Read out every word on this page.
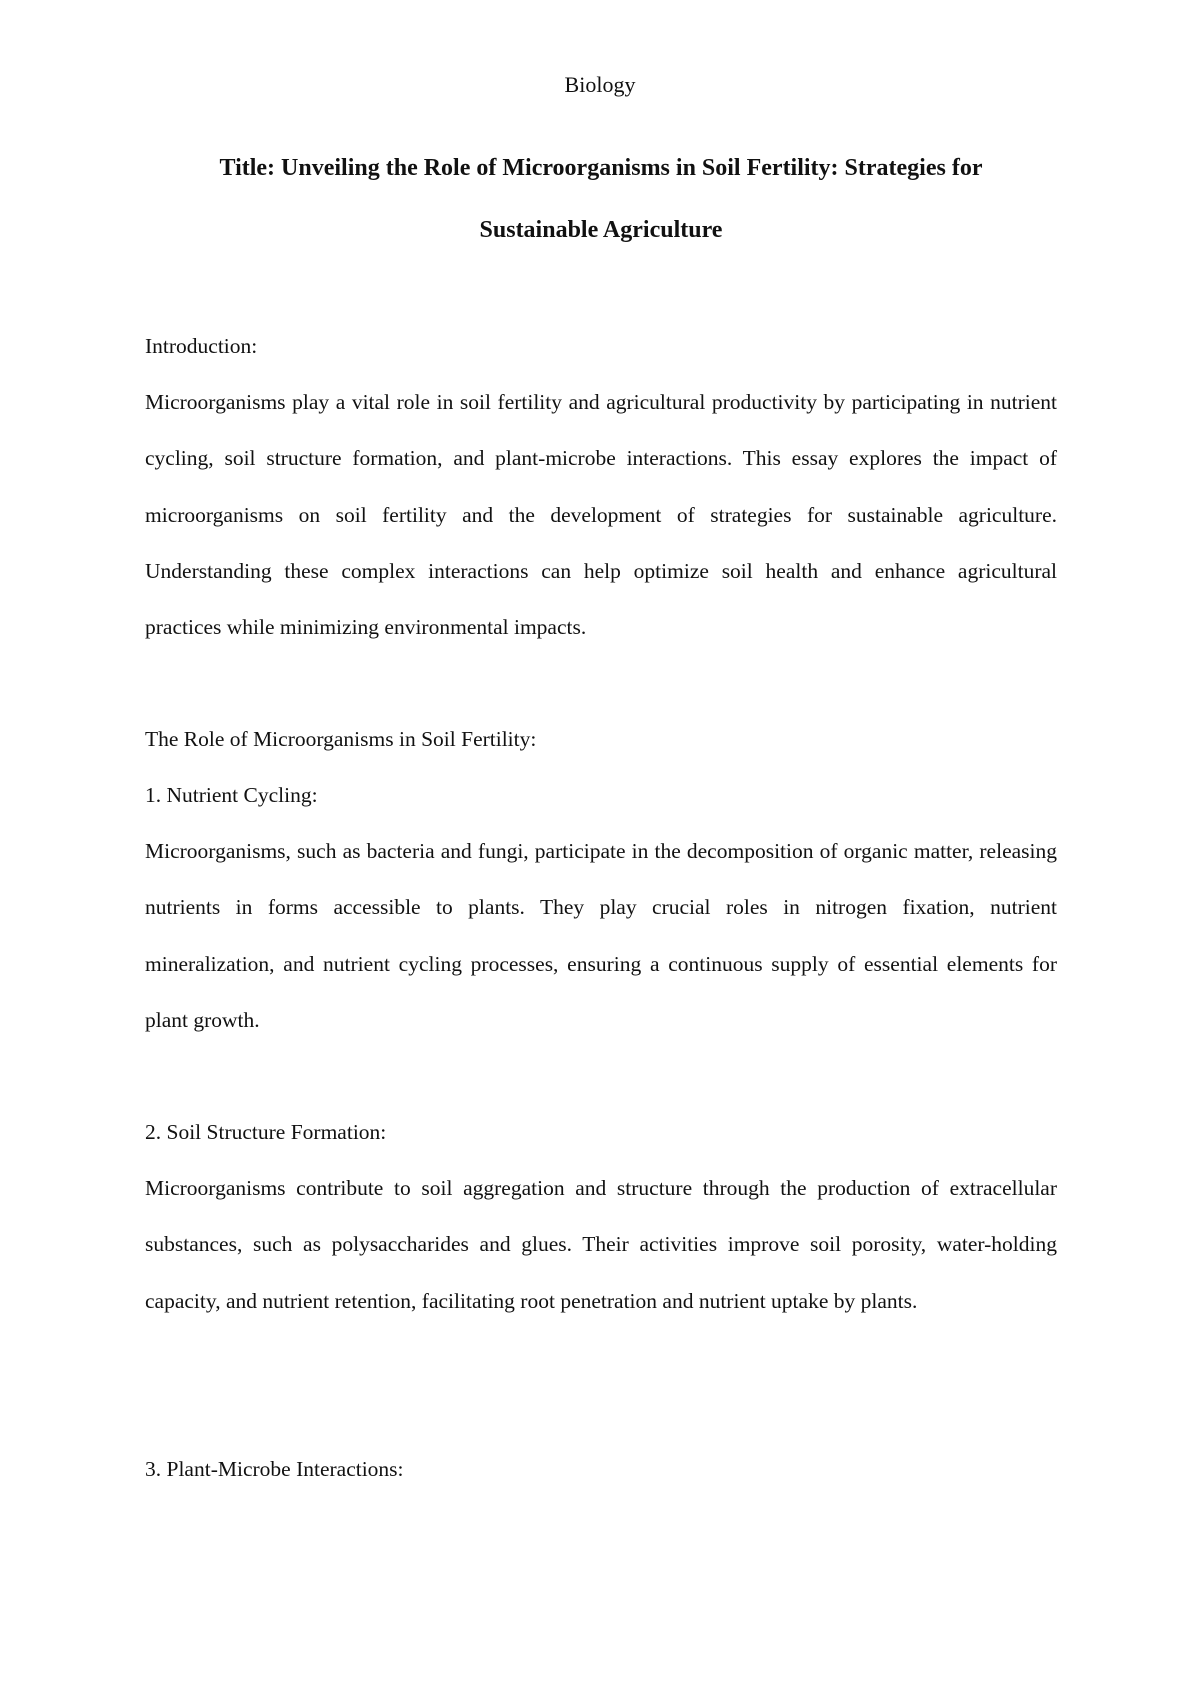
Biology
Title: Unveiling the Role of Microorganisms in Soil Fertility: Strategies for
Sustainable Agriculture
Introduction:

Microorganisms play a vital role in soil fertility and agricultural productivity by participating in nutrient cycling, soil structure formation, and plant-microbe interactions. This essay explores the impact of microorganisms on soil fertility and the development of strategies for sustainable agriculture. Understanding these complex interactions can help optimize soil health and enhance agricultural practices while minimizing environmental impacts.

The Role of Microorganisms in Soil Fertility:
1. Nutrient Cycling:

Microorganisms, such as bacteria and fungi, participate in the decomposition of organic matter, releasing nutrients in forms accessible to plants. They play crucial roles in nitrogen fixation, nutrient mineralization, and nutrient cycling processes, ensuring a continuous supply of essential elements for plant growth.

2. Soil Structure Formation:

Microorganisms contribute to soil aggregation and structure through the production of extracellular substances, such as polysaccharides and glues. Their activities improve soil porosity, water-holding capacity, and nutrient retention, facilitating root penetration and nutrient uptake by plants.

3. Plant-Microbe Interactions:
